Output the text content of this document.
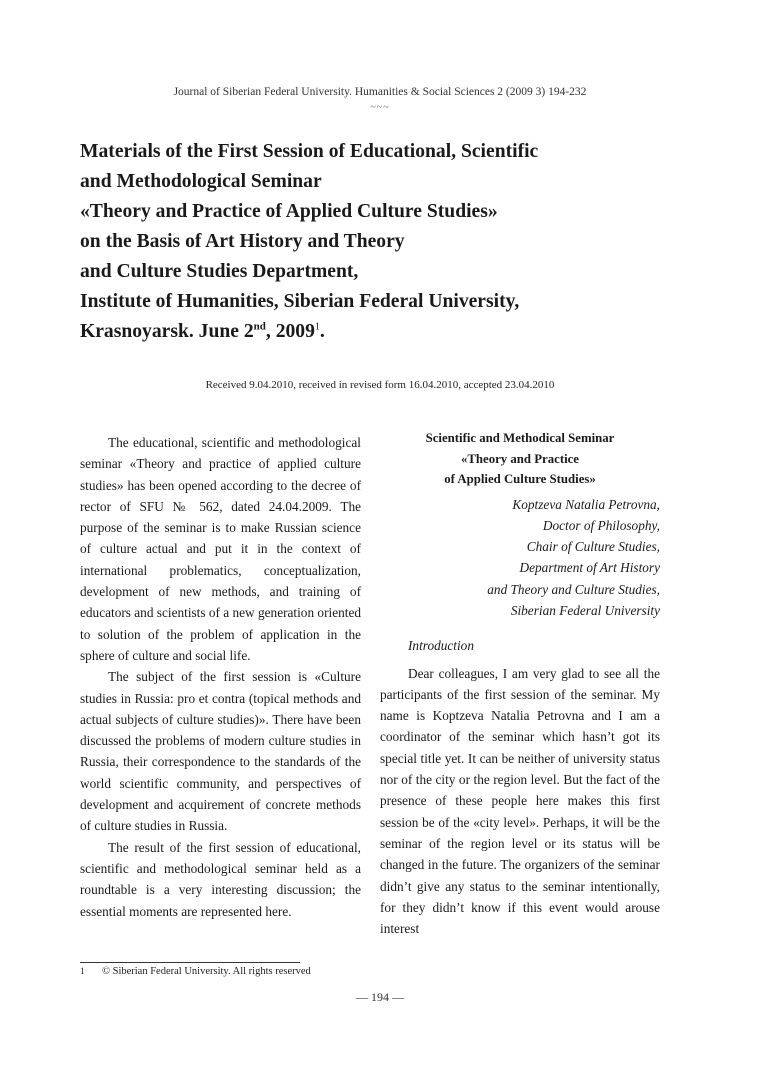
Journal of Siberian Federal University. Humanities & Social Sciences 2 (2009 3) 194-232
~~~
Materials of the First Session of Educational, Scientific
and Methodological Seminar
«Theory and Practice of Applied Culture Studies»
on the Basis of Art History and Theory
and Culture Studies Department,
Institute of Humanities, Siberian Federal University,
Krasnoyarsk. June 2nd, 2009$^1$.
Received 9.04.2010, received in revised form 16.04.2010, accepted 23.04.2010

The educational, scientific and methodological seminar «Theory and practice of applied culture studies» has been opened according to the decree of rector of SFU № 562, dated 24.04.2009. The purpose of the seminar is to make Russian science of culture actual and put it in the context of international problematics, conceptualization, development of new methods, and training of educators and scientists of a new generation oriented to solution of the problem of application in the sphere of culture and social life.

The subject of the first session is «Culture studies in Russia: pro et contra (topical methods and actual subjects of culture studies)». There have been discussed the problems of modern culture studies in Russia, their correspondence to the standards of the world scientific community, and perspectives of development and acquirement of concrete methods of culture studies in Russia.

The result of the first session of educational, scientific and methodological seminar held as a roundtable is a very interesting discussion; the essential moments are represented here.

Scientific and Methodical Seminar
«Theory and Practice
of Applied Culture Studies»
Koptzeva Natalia Petrovna,
Doctor of Philosophy,
Chair of Culture Studies,
Department of Art History
and Theory and Culture Studies,
Siberian Federal University
Introduction

Dear colleagues, I am very glad to see all the participants of the first session of the seminar. My name is Koptzeva Natalia Petrovna and I am a coordinator of the seminar which hasn’t got its special title yet. It can be neither of university status nor of the city or the region level. But the fact of the presence of these people here makes this first session be of the «city level». Perhaps, it will be the seminar of the region level or its status will be changed in the future. The organizers of the seminar didn’t give any status to the seminar intentionally, for they didn’t know if this event would arouse interest

1 © Siberian Federal University. All rights reserved
— 194 —
